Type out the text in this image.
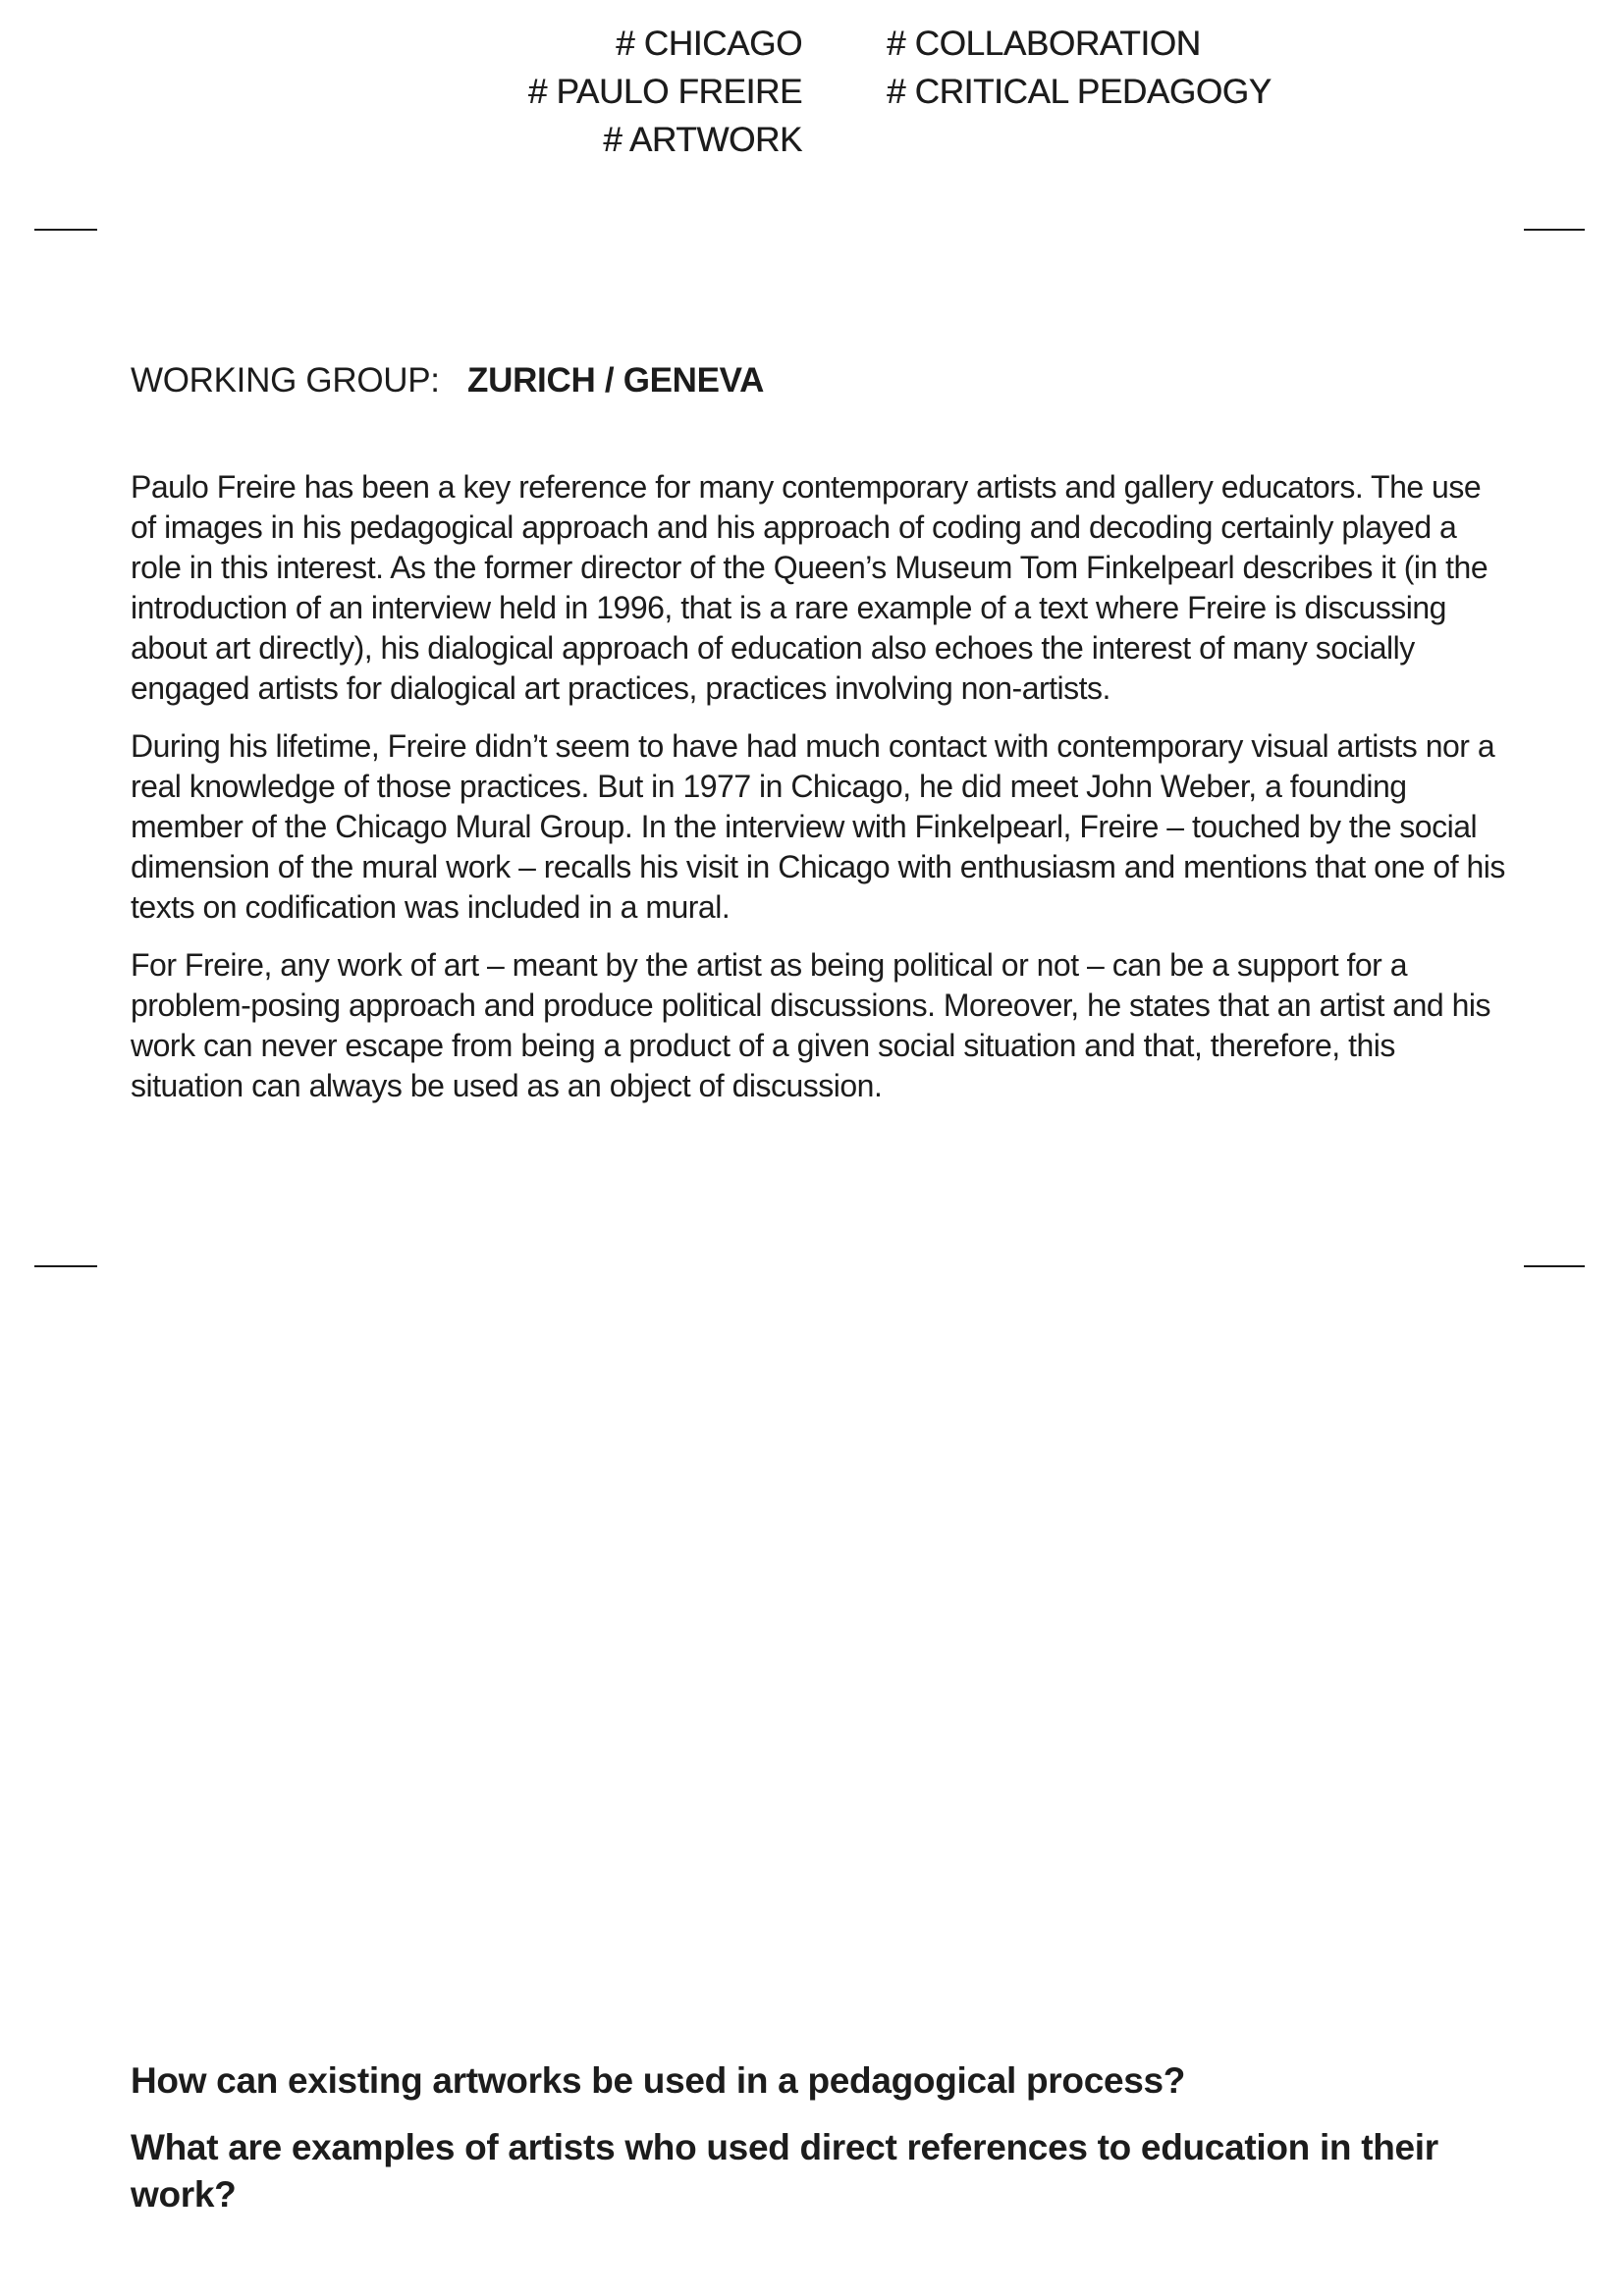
# CHICAGO
# PAULO FREIRE
# ARTWORK
# COLLABORATION
# CRITICAL PEDAGOGY
WORKING GROUP: ZURICH / GENEVA

Paulo Freire has been a key reference for many contemporary artists and gallery educators. The use of images in his pedagogical approach and his approach of coding and decoding certainly played a role in this interest. As the former director of the Queen’s Museum Tom Finkelpearl describes it (in the introduction of an interview held in 1996, that is a rare example of a text where Freire is discussing about art directly), his dialogical approach of education also echoes the interest of many socially engaged artists for dialogical art practices, practices involving non-artists.

During his lifetime, Freire didn’t seem to have had much contact with contemporary visual artists nor a real knowledge of those practices. But in 1977 in Chicago, he did meet John Weber, a founding member of the Chicago Mural Group. In the interview with Finkelpearl, Freire – touched by the social dimension of the mural work – recalls his visit in Chicago with enthusiasm and mentions that one of his texts on codification was included in a mural.

For Freire, any work of art – meant by the artist as being political or not – can be a support for a problem-posing approach and produce political discussions. Moreover, he states that an artist and his work can never escape from being a product of a given social situation and that, therefore, this situation can always be used as an object of discussion.

How can existing artworks be used in a pedagogical process?

What are examples of artists who used direct references to education in their work?
